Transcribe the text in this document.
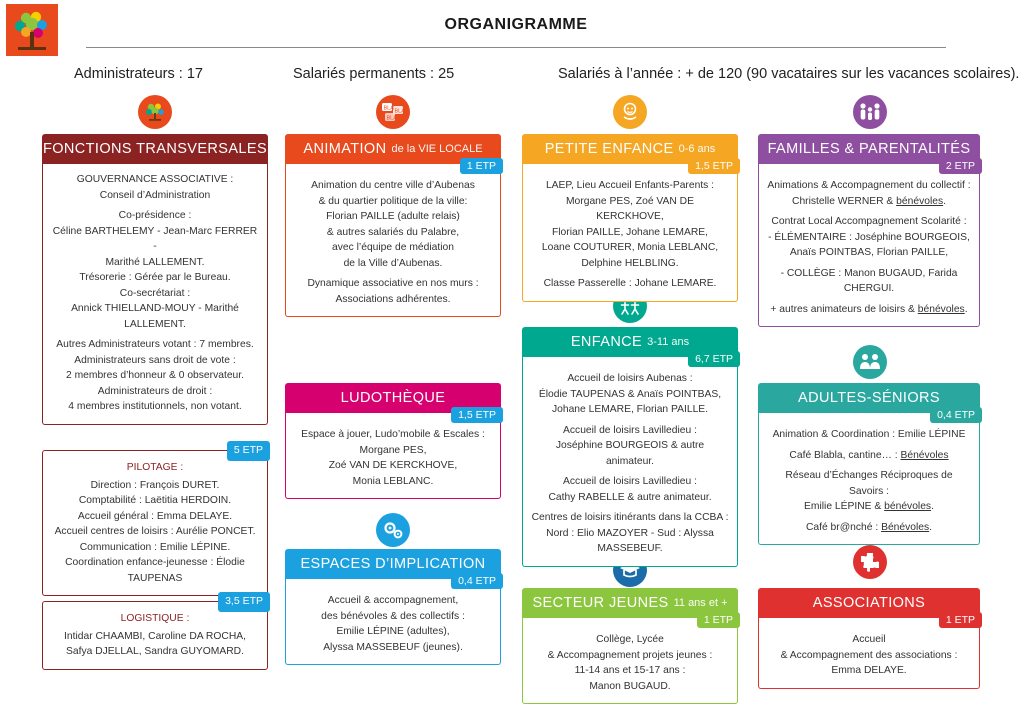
ORGANIGRAMME
Administrateurs : 17	Salariés permanents : 25	Salariés à l’année : + de 120 (90 vacataires sur les vacances scolaires).
BLA BLA
BLA
FONCTIONS TRANSVERSALES
GOUVERNANCE ASSOCIATIVE :
Conseil d’Administration
Co-présidence :
Céline BARTHELEMY - Jean-Marc FERRER -
Marithé LALLEMENT.
Trésorerie : Gérée par le Bureau.
Co-secrétariat :
Annick THIELLAND-MOUY - Marithé LALLEMENT.
Autres Administrateurs votant : 7 membres.
Administrateurs sans droit de vote :
2 membres d’honneur & 0 observateur.
Administrateurs de droit :
4 membres institutionnels, non votant.
PILOTAGE :
Direction : François DURET.
Comptabilité : Laëtitia HERDOIN.
Accueil général : Emma DELAYE.
Accueil centres de loisirs : Aurélie PONCET.
Communication : Emilie LÉPINE.
Coordination enfance-jeunesse : Élodie TAUPENAS
5 ETP
LOGISTIQUE :
Intidar CHAAMBI, Caroline DA ROCHA,
Safya DJELLAL, Sandra GUYOMARD.
3,5 ETP
ANIMATION de la VIE LOCALE
1 ETP
Animation du centre ville d’Aubenas
& du quartier politique de la ville:
Florian PAILLE (adulte relais)
& autres salariés du Palabre,
avec l’équipe de médiation
de la Ville d’Aubenas.
Dynamique associative en nos murs :
Associations adhérentes.
LUDOTHÈQUE
1,5 ETP
Espace à jouer, Ludo’mobile & Escales :
Morgane PES,
Zoé VAN DE KERCKHOVE,
Monia LEBLANC.
ESPACES D’IMPLICATION
0,4 ETP
Accueil & accompagnement,
des bénévoles & des collectifs :
Emilie LÉPINE (adultes),
Alyssa MASSEBEUF (jeunes).
PETITE ENFANCE 0-6 ans
1,5 ETP
LAEP, Lieu Accueil Enfants-Parents :
Morgane PES, Zoé VAN DE KERCKHOVE,
Florian PAILLE, Johane LEMARE,
Loane COUTURER, Monia LEBLANC,
Delphine HELBLING.
Classe Passerelle : Johane LEMARE.
ENFANCE 3-11 ans
6,7 ETP
Accueil de loisirs Aubenas :
Élodie TAUPENAS & Anaïs POINTBAS,
Johane LEMARE, Florian PAILLE.
Accueil de loisirs Lavilledieu :
Joséphine BOURGEOIS & autre animateur.
Accueil de loisirs Lavilledieu :
Cathy RABELLE & autre animateur.
Centres de loisirs itinérants dans la CCBA :
Nord : Elio MAZOYER - Sud : Alyssa MASSEBEUF.
SECTEUR JEUNES 11 ans et +
1 ETP
Collège, Lycée
& Accompagnement projets jeunes :
11-14 ans et 15-17 ans :
Manon BUGAUD.
FAMILLES & PARENTALITÉS
2 ETP
Animations & Accompagnement du collectif :
Christelle WERNER & bénévoles.
Contrat Local Accompagnement Scolarité :
- ÉLÉMENTAIRE : Joséphine BOURGEOIS,
Anaïs POINTBAS, Florian PAILLE,
- COLLÈGE : Manon BUGAUD, Farida CHERGUI.
+ autres animateurs de loisirs & bénévoles.
ADULTES-SÉNIORS
0,4 ETP
Animation & Coordination : Emilie LÉPINE
Café Blabla, cantine… : Bénévoles
Réseau d’Échanges Réciproques de Savoirs :
Emilie LÉPINE & bénévoles.
Café br@nché : Bénévoles.
ASSOCIATIONS
1 ETP
Accueil
& Accompagnement des associations :
Emma DELAYE.
